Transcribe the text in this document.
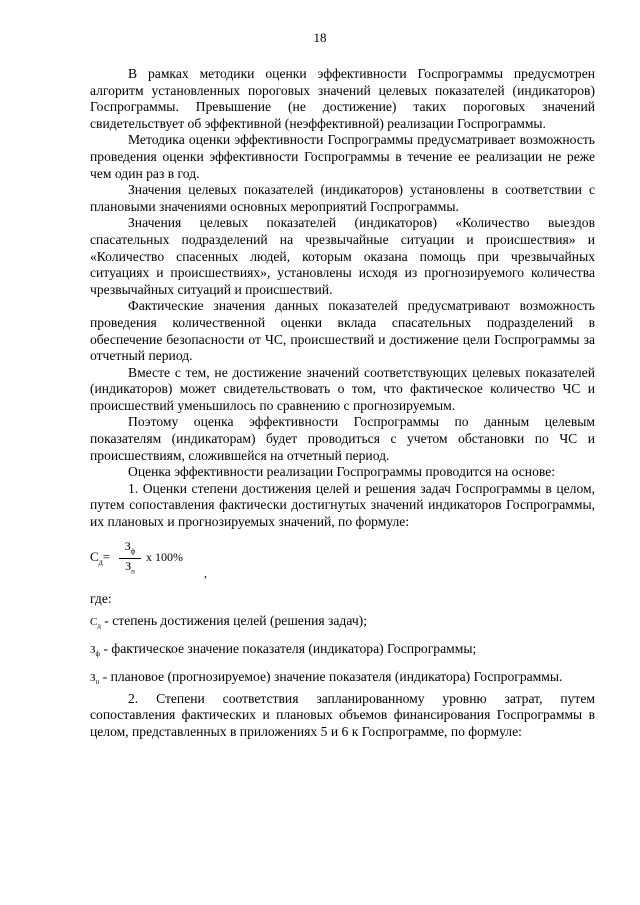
18

В рамках методики оценки эффективности Госпрограммы предусмотрен алгоритм установленных пороговых значений целевых показателей (индикаторов) Госпрограммы. Превышение (не достижение) таких пороговых значений свидетельствует об эффективной (неэффективной) реализации Госпрограммы.

Методика оценки эффективности Госпрограммы предусматривает возможность проведения оценки эффективности Госпрограммы в течение ее реализации не реже чем один раз в год.

Значения целевых показателей (индикаторов) установлены в соответствии с плановыми значениями основных мероприятий Госпрограммы.

Значения целевых показателей (индикаторов) «Количество выездов спасательных подразделений на чрезвычайные ситуации и происшествия» и «Количество спасенных людей, которым оказана помощь при чрезвычайных ситуациях и происшествиях», установлены исходя из прогнозируемого количества чрезвычайных ситуаций и происшествий.

Фактические значения данных показателей предусматривают возможность проведения количественной оценки вклада спасательных подразделений в обеспечение безопасности от ЧС, происшествий и достижение цели Госпрограммы за отчетный период.

Вместе с тем, не достижение значений соответствующих целевых показателей (индикаторов) может свидетельствовать о том, что фактическое количество ЧС и происшествий уменьшилось по сравнению с прогнозируемым.

Поэтому оценка эффективности Госпрограммы по данным целевым показателям (индикаторам) будет проводиться с учетом обстановки по ЧС и происшествиям, сложившейся на отчетный период.

Оценка эффективности реализации Госпрограммы проводится на основе:

1. Оценки степени достижения целей и решения задач Госпрограммы в целом, путем сопоставления фактически достигнутых значений индикаторов Госпрограммы, их плановых и прогнозируемых значений, по формуле:

$С_д=$
$З_ф$
$З_п$
x 100%
,

где:

$С_д$ - степень достижения целей (решения задач);

$З_ф$ - фактическое значение показателя (индикатора) Госпрограммы;

$З_п$ - плановое (прогнозируемое) значение показателя (индикатора) Госпрограммы.

2. Степени соответствия запланированному уровню затрат, путем сопоставления фактических и плановых объемов финансирования Госпрограммы в целом, представленных в приложениях 5 и 6 к Госпрограмме, по формуле:
